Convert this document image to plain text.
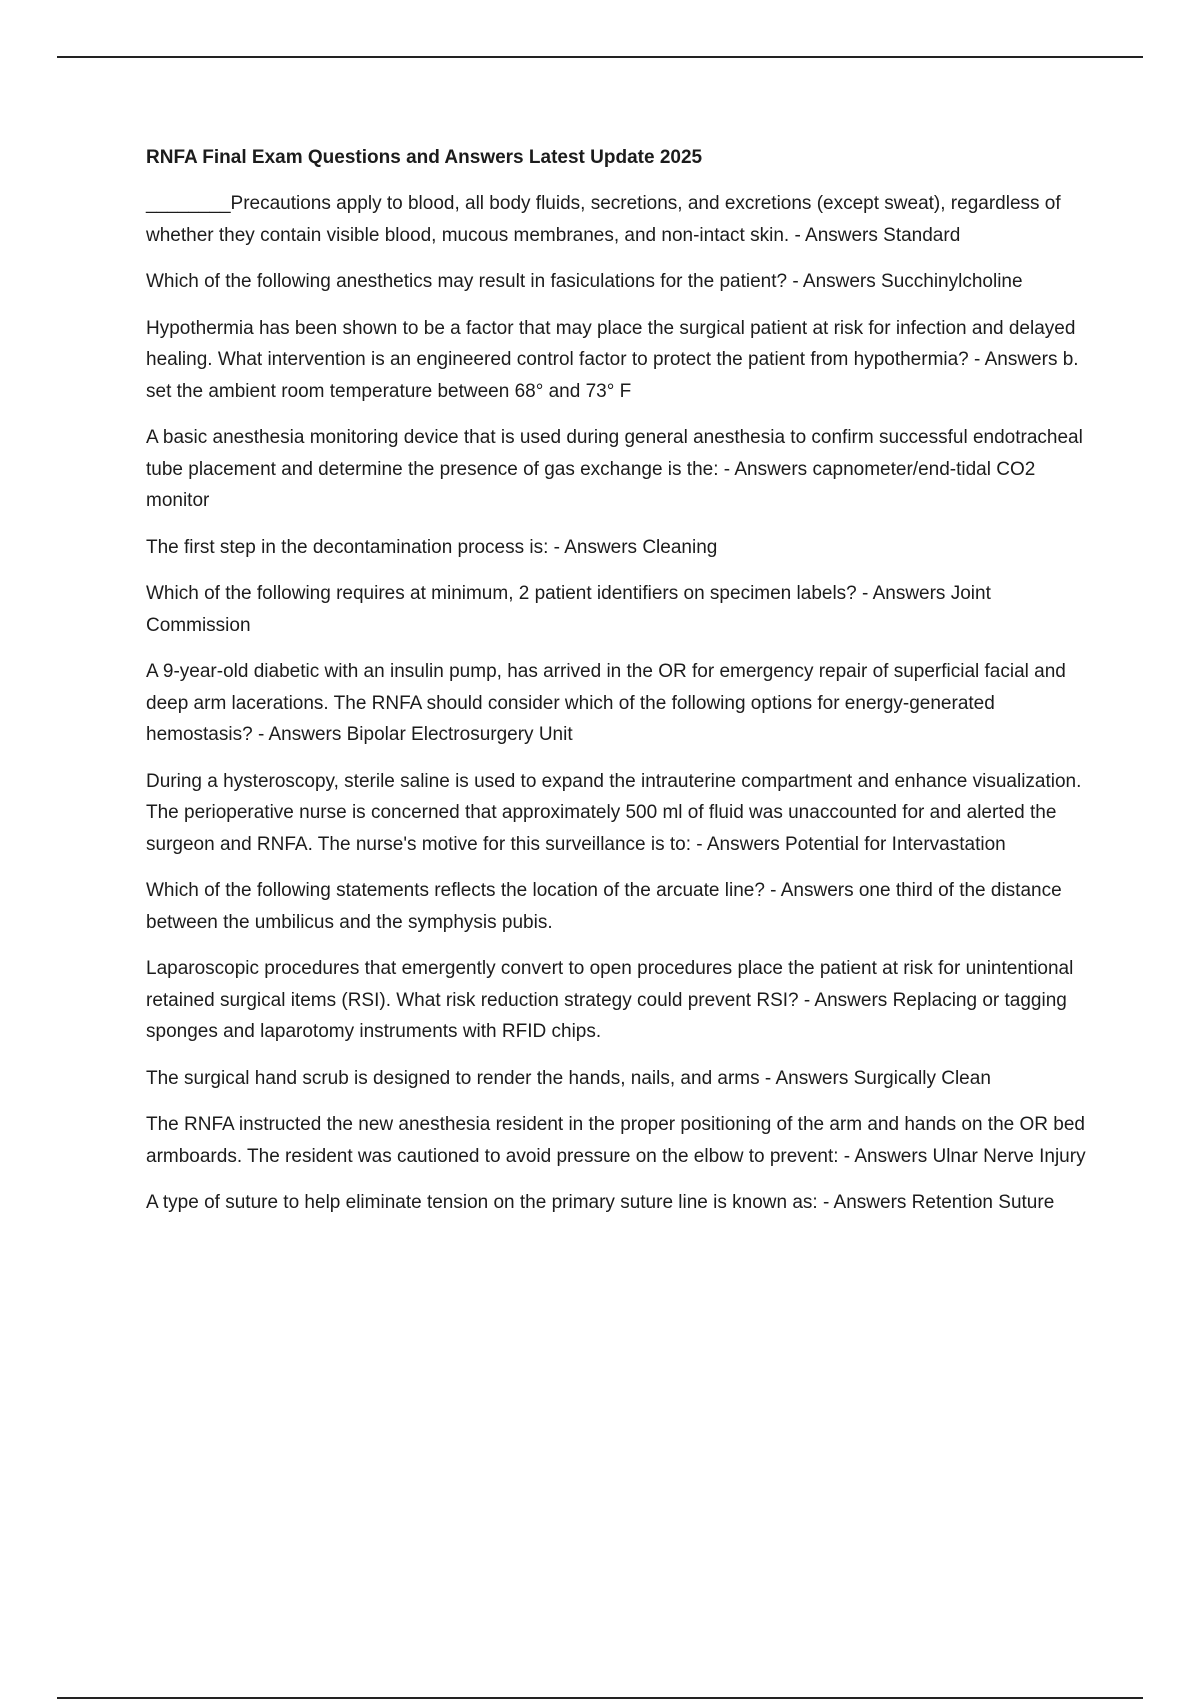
RNFA Final Exam Questions and Answers Latest Update 2025

________Precautions apply to blood, all body fluids, secretions, and excretions (except sweat), regardless of whether they contain visible blood, mucous membranes, and non-intact skin. - Answers Standard

Which of the following anesthetics may result in fasiculations for the patient? - Answers Succhinylcholine

Hypothermia has been shown to be a factor that may place the surgical patient at risk for infection and delayed healing. What intervention is an engineered control factor to protect the patient from hypothermia? - Answers b. set the ambient room temperature between 68° and 73° F

A basic anesthesia monitoring device that is used during general anesthesia to confirm successful endotracheal tube placement and determine the presence of gas exchange is the: - Answers capnometer/end-tidal CO2 monitor

The first step in the decontamination process is: - Answers Cleaning

Which of the following requires at minimum, 2 patient identifiers on specimen labels? - Answers Joint Commission

A 9-year-old diabetic with an insulin pump, has arrived in the OR for emergency repair of superficial facial and deep arm lacerations. The RNFA should consider which of the following options for energy-generated hemostasis? - Answers Bipolar Electrosurgery Unit

During a hysteroscopy, sterile saline is used to expand the intrauterine compartment and enhance visualization. The perioperative nurse is concerned that approximately 500 ml of fluid was unaccounted for and alerted the surgeon and RNFA. The nurse's motive for this surveillance is to: - Answers Potential for Intervastation

Which of the following statements reflects the location of the arcuate line? - Answers one third of the distance between the umbilicus and the symphysis pubis.

Laparoscopic procedures that emergently convert to open procedures place the patient at risk for unintentional retained surgical items (RSI). What risk reduction strategy could prevent RSI? - Answers Replacing or tagging sponges and laparotomy instruments with RFID chips.

The surgical hand scrub is designed to render the hands, nails, and arms - Answers Surgically Clean

The RNFA instructed the new anesthesia resident in the proper positioning of the arm and hands on the OR bed armboards. The resident was cautioned to avoid pressure on the elbow to prevent: - Answers Ulnar Nerve Injury

A type of suture to help eliminate tension on the primary suture line is known as: - Answers Retention Suture
